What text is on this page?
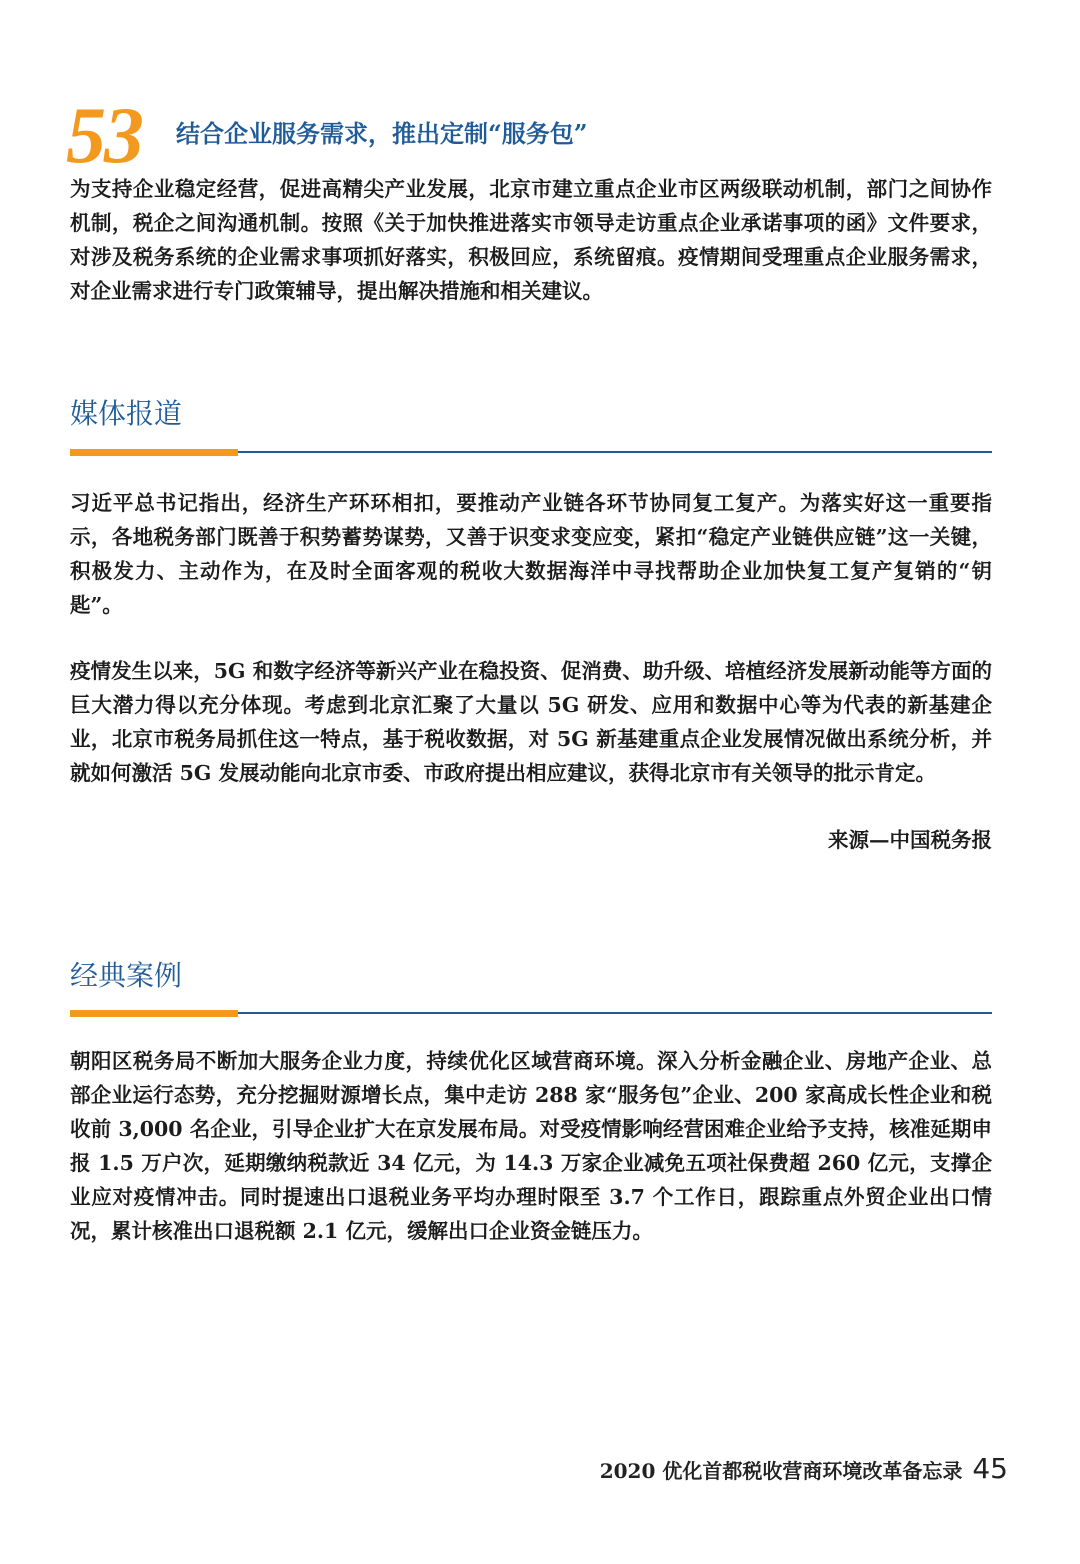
53 结合企业服务需求，推出定制“服务包”
为支持企业稳定经营，促进高精尖产业发展，北京市建立重点企业市区两级联动机制，部门之间协作机制，税企之间沟通机制。按照《关于加快推进落实市领导走访重点企业承诺事项的函》文件要求，对涉及税务系统的企业需求事项抓好落实，积极回应，系统留痕。疫情期间受理重点企业服务需求，对企业需求进行专门政策辅导，提出解决措施和相关建议。
媒体报道
习近平总书记指出，经济生产环环相扣，要推动产业链各环节协同复工复产。为落实好这一重要指示，各地税务部门既善于积势蓄势谋势，又善于识变求变应变，紧扣“稳定产业链供应链”这一关键，积极发力、主动作为，在及时全面客观的税收大数据海洋中寻找帮助企业加快复工复产复销的“钥匙”。
疫情发生以来，5G 和数字经济等新兴产业在稳投资、促消费、助升级、培植经济发展新动能等方面的巨大潜力得以充分体现。考虑到北京汇聚了大量以 5G 研发、应用和数据中心等为代表的新基建企业，北京市税务局抓住这一特点，基于税收数据，对 5G 新基建重点企业发展情况做出系统分析，并就如何激活 5G 发展动能向北京市委、市政府提出相应建议，获得北京市有关领导的批示肯定。
来源—中国税务报
经典案例
朝阳区税务局不断加大服务企业力度，持续优化区域营商环境。深入分析金融企业、房地产企业、总部企业运行态势，充分挖掘财源增长点，集中走访 288 家“服务包”企业、200 家高成长性企业和税收前 3,000 名企业，引导企业扩大在京发展布局。对受疫情影响经营困难企业给予支持，核准延期申报 1.5 万户次，延期缴纳税款近 34 亿元，为 14.3 万家企业减免五项社保费超 260 亿元，支撑企业应对疫情冲击。同时提速出口退税业务平均办理时限至 3.7 个工作日，跟踪重点外贸企业出口情况，累计核准出口退税额 2.1 亿元，缓解出口企业资金链压力。
2020 优化首都税收营商环境改革备忘录 45
